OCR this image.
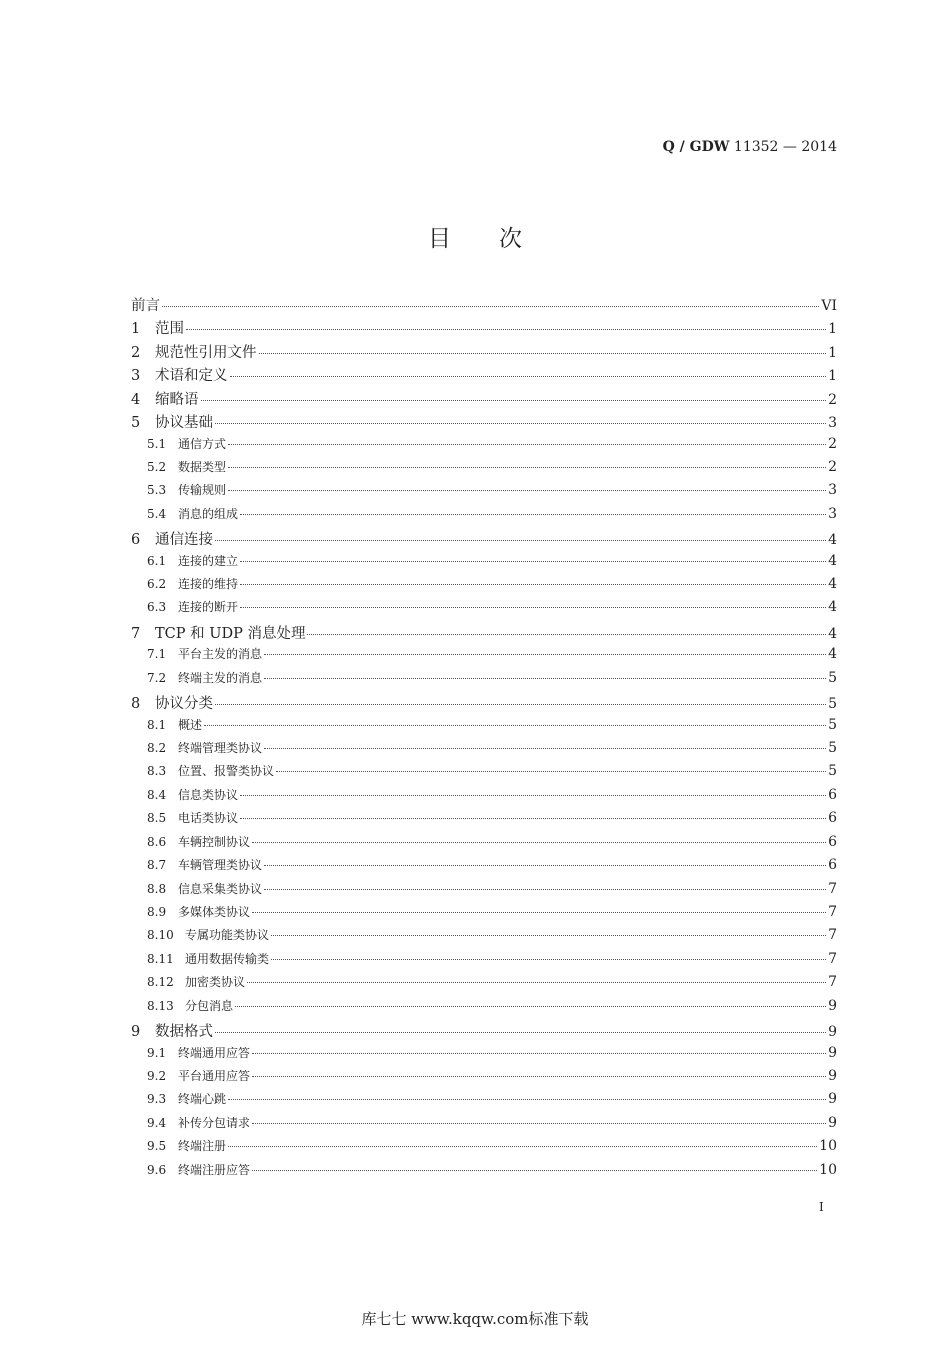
Q / GDW 11352 — 2014
目次
前言	VI
1	范围	1
2	规范性引用文件	1
3	术语和定义	1
4	缩略语	2
5	协议基础	3
5.1 通信方式	2
5.2 数据类型	2
5.3 传输规则	3
5.4 消息的组成	3
6	通信连接	4
6.1 连接的建立	4
6.2 连接的维持	4
6.3 连接的断开	4
7	TCP 和 UDP 消息处理	4
7.1 平台主发的消息	4
7.2 终端主发的消息	5
8	协议分类	5
8.1 概述	5
8.2 终端管理类协议	5
8.3 位置、报警类协议	5
8.4 信息类协议	6
8.5 电话类协议	6
8.6 车辆控制协议	6
8.7 车辆管理类协议	6
8.8 信息采集类协议	7
8.9 多媒体类协议	7
8.10 专属功能类协议	7
8.11 通用数据传输类	7
8.12 加密类协议	7
8.13 分包消息	9
9	数据格式	9
9.1 终端通用应答	9
9.2 平台通用应答	9
9.3 终端心跳	9
9.4 补传分包请求	9
9.5 终端注册	10
9.6 终端注册应答	10
I
库七七 www.kqqw.com标准下载
